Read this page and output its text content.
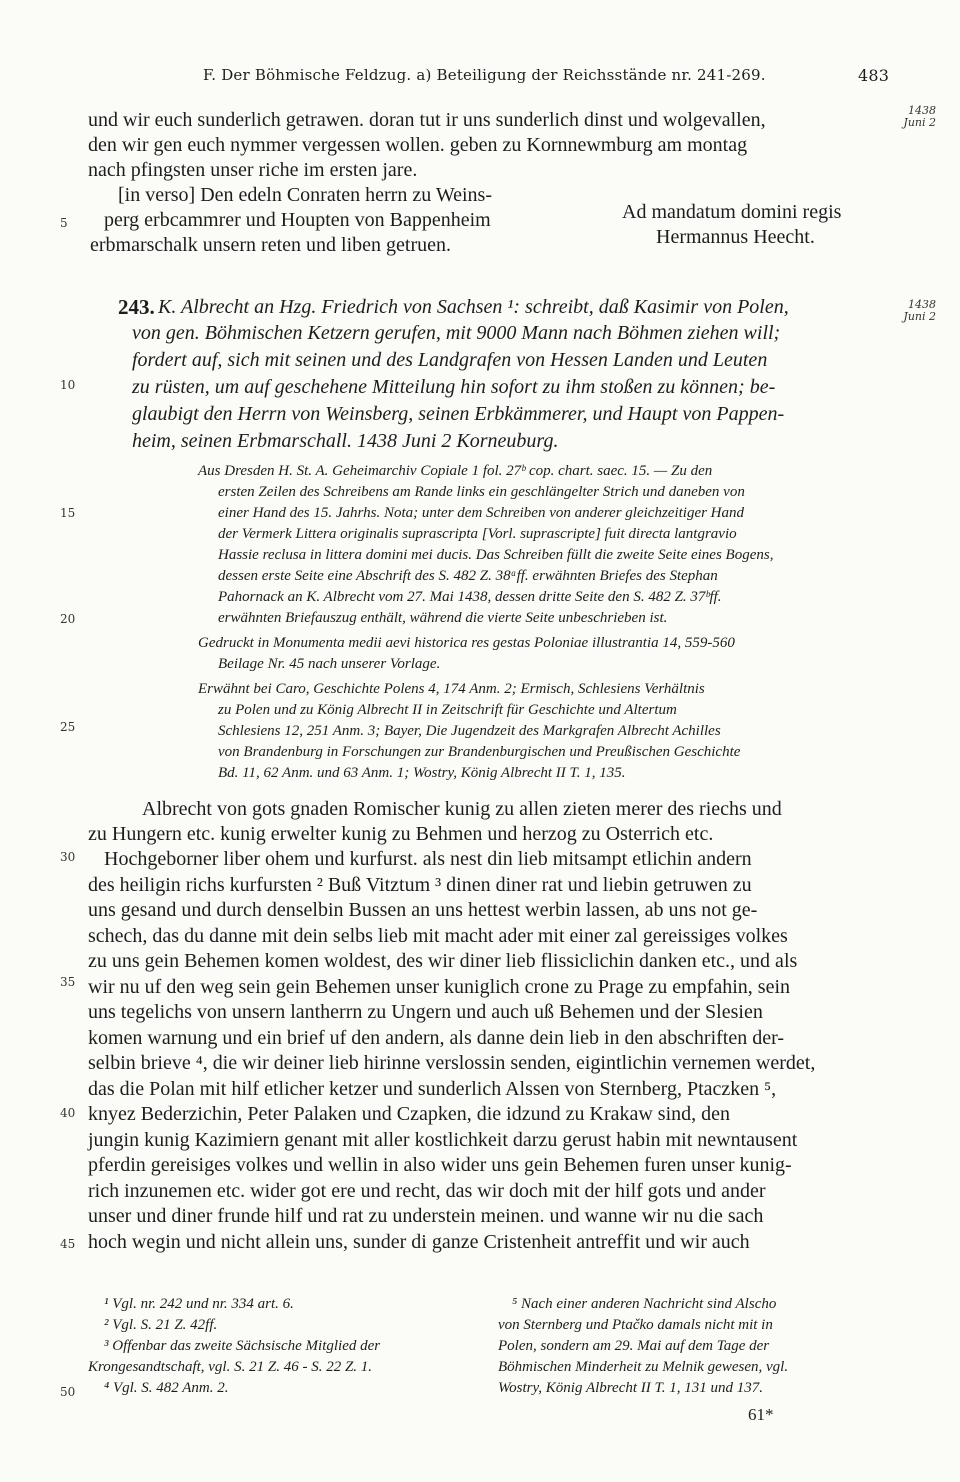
F. Der Böhmische Feldzug. a) Beteiligung der Reichsstände nr. 241-269.	483
1438
Juni 2
1438
Juni 2
5
10
15
20
25
30
35
40
45
50
und wir euch sunderlich getrawen. doran tut ir uns sunderlich dinst und wolgevallen,
den wir gen euch nymmer vergessen wollen. geben zu Kornnewmburg am montag
nach pfingsten unser riche im ersten jare.
[in verso] Den edeln Conraten herrn zu Weins-
perg erbcammrer und Houpten von Bappenheim
erbmarschalk unsern reten und liben getruen.
Ad mandatum domini regis
Hermannus Heecht.
243. K. Albrecht an Hzg. Friedrich von Sachsen ¹: schreibt, daß Kasimir von Polen,
von gen. Böhmischen Ketzern gerufen, mit 9000 Mann nach Böhmen ziehen will;
fordert auf, sich mit seinen und des Landgrafen von Hessen Landen und Leuten
zu rüsten, um auf geschehene Mitteilung hin sofort zu ihm stoßen zu können; be-
glaubigt den Herrn von Weinsberg, seinen Erbkämmerer, und Haupt von Pappen-
heim, seinen Erbmarschall. 1438 Juni 2 Korneuburg.
Aus Dresden H. St. A. Geheimarchiv Copiale 1 fol. 27ᵇ cop. chart. saec. 15. — Zu den
ersten Zeilen des Schreibens am Rande links ein geschlängelter Strich und daneben von
einer Hand des 15. Jahrhs. Nota; unter dem Schreiben von anderer gleichzeitiger Hand
der Vermerk Littera originalis suprascripta [Vorl. suprascripte] fuit directa lantgravio
Hassie reclusa in littera domini mei ducis. Das Schreiben füllt die zweite Seite eines Bogens,
dessen erste Seite eine Abschrift des S. 482 Z. 38ᵃff. erwähnten Briefes des Stephan
Pahornack an K. Albrecht vom 27. Mai 1438, dessen dritte Seite den S. 482 Z. 37ᵇff.
erwähnten Briefauszug enthält, während die vierte Seite unbeschrieben ist.
Gedruckt in Monumenta medii aevi historica res gestas Poloniae illustrantia 14, 559-560
Beilage Nr. 45 nach unserer Vorlage.
Erwähnt bei Caro, Geschichte Polens 4, 174 Anm. 2; Ermisch, Schlesiens Verhältnis
zu Polen und zu König Albrecht II in Zeitschrift für Geschichte und Altertum
Schlesiens 12, 251 Anm. 3; Bayer, Die Jugendzeit des Markgrafen Albrecht Achilles
von Brandenburg in Forschungen zur Brandenburgischen und Preußischen Geschichte
Bd. 11, 62 Anm. und 63 Anm. 1; Wostry, König Albrecht II T. 1, 135.
Albrecht von gots gnaden Romischer kunig zu allen zieten merer des riechs und
zu Hungern etc. kunig erwelter kunig zu Behmen und herzog zu Osterrich etc.
Hochgeborner liber ohem und kurfurst. als nest din lieb mitsampt etlichin andern
des heiligin richs kurfursten ² Buß Vitztum ³ dinen diner rat und liebin getruwen zu
uns gesand und durch denselbin Bussen an uns hettest werbin lassen, ab uns not ge-
schech, das du danne mit dein selbs lieb mit macht ader mit einer zal gereissiges volkes
zu uns gein Behemen komen woldest, des wir diner lieb flissiclichin danken etc., und als
wir nu uf den weg sein gein Behemen unser kuniglich crone zu Prage zu empfahin, sein
uns tegelichs von unsern lantherrn zu Ungern und auch uß Behemen und der Slesien
komen warnung und ein brief uf den andern, als danne dein lieb in den abschriften der-
selbin brieve ⁴, die wir deiner lieb hirinne verslossin senden, eigintlichin vernemen werdet,
das die Polan mit hilf etlicher ketzer und sunderlich Alssen von Sternberg, Ptaczken ⁵,
knyez Bederzichin, Peter Palaken und Czapken, die idzund zu Krakaw sind, den
jungin kunig Kazimiern genant mit aller kostlichkeit darzu gerust habin mit newntausent
pferdin gereisiges volkes und wellin in also wider uns gein Behemen furen unser kunig-
rich inzunemen etc. wider got ere und recht, das wir doch mit der hilf gots und ander
unser und diner frunde hilf und rat zu understein meinen. und wanne wir nu die sach
hoch wegin und nicht allein uns, sunder di ganze Cristenheit antreffit und wir auch
¹ Vgl. nr. 242 und nr. 334 art. 6.
² Vgl. S. 21 Z. 42ff.
³ Offenbar das zweite Sächsische Mitglied der
Krongesandtschaft, vgl. S. 21 Z. 46 - S. 22 Z. 1.
⁴ Vgl. S. 482 Anm. 2.
⁵ Nach einer anderen Nachricht sind Alscho
von Sternberg und Ptačko damals nicht mit in
Polen, sondern am 29. Mai auf dem Tage der
Böhmischen Minderheit zu Melnik gewesen, vgl.
Wostry, König Albrecht II T. 1, 131 und 137.
61*
